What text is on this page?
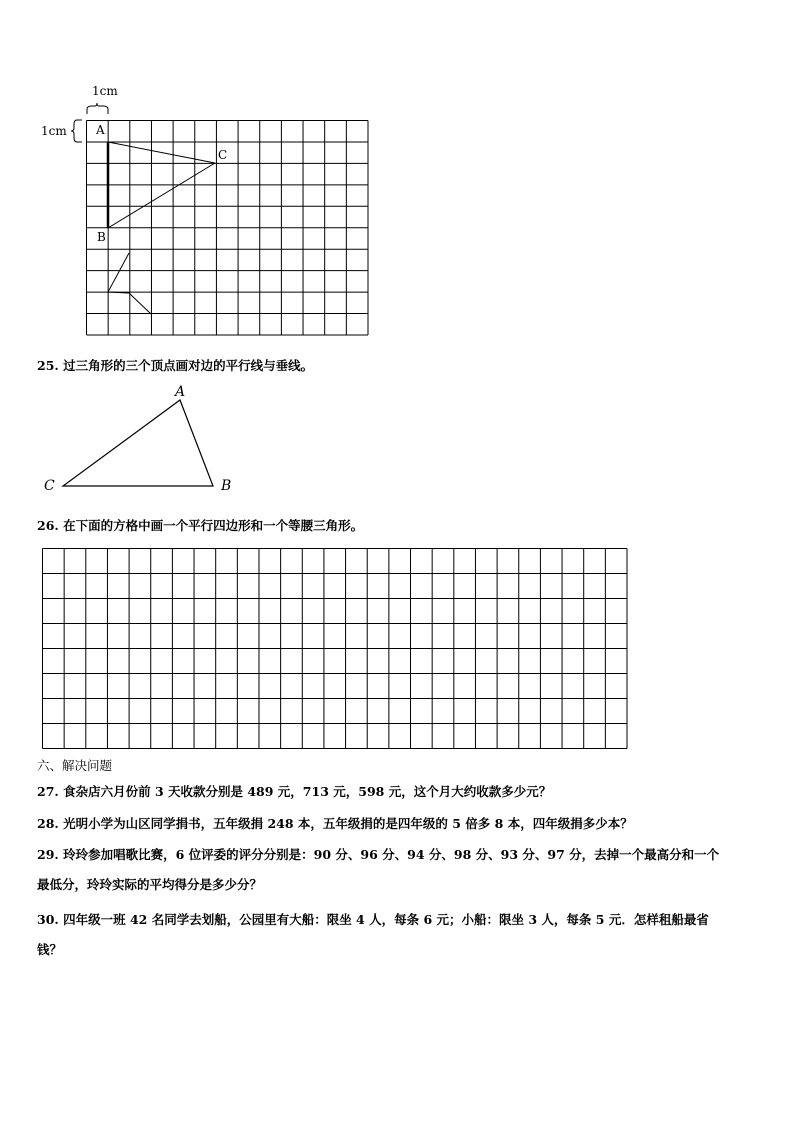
1cm
1cm A
B
C
25. 过三角形的三个顶点画对边的平行线与垂线。
A
B
C
26. 在下面的方格中画一个平行四边形和一个等腰三角形。
六、解决问题
27. 食杂店六月份前 3 天收款分别是 489 元，713 元，598 元，这个月大约收款多少元？
28. 光明小学为山区同学捐书，五年级捐 248 本，五年级捐的是四年级的 5 倍多 8 本，四年级捐多少本？
29. 玲玲参加唱歌比赛，6 位评委的评分分别是：90 分、96 分、94 分、98 分、93 分、97 分，去掉一个最高分和一个
最低分，玲玲实际的平均得分是多少分？
30. 四年级一班 42 名同学去划船，公园里有大船：限坐 4 人，每条 6 元；小船：限坐 3 人，每条 5 元．怎样租船最省
钱？
